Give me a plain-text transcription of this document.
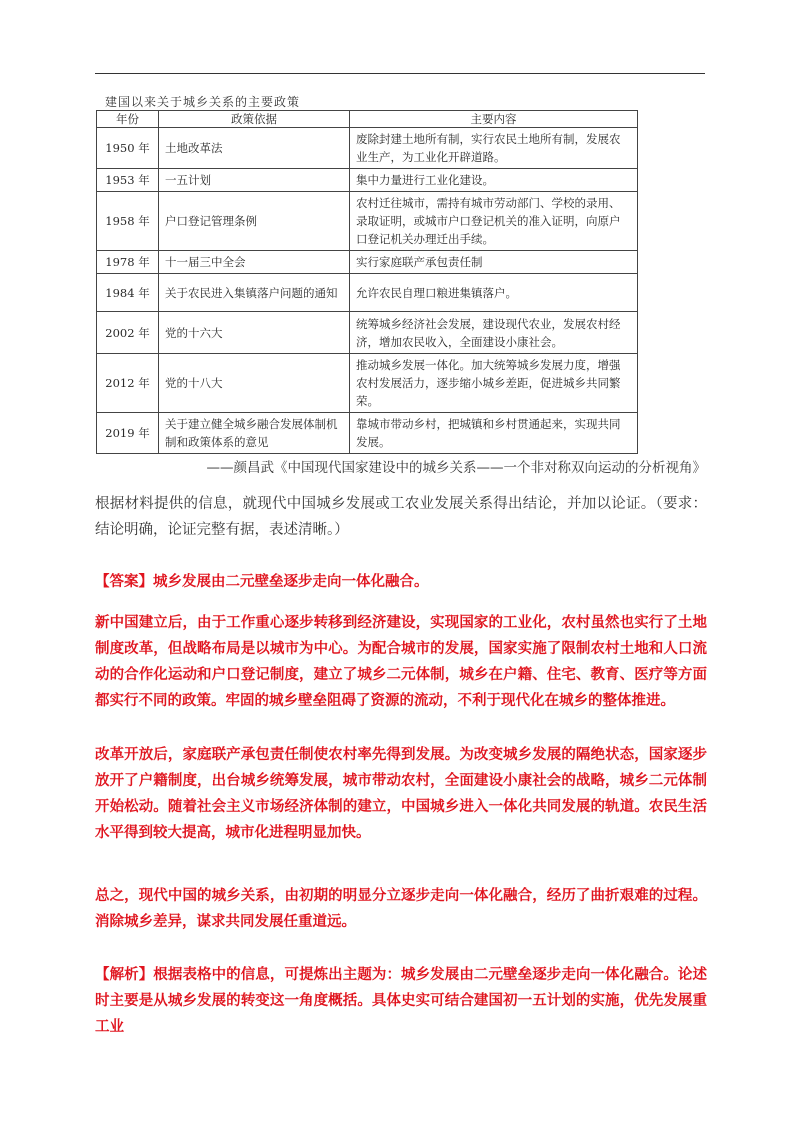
建国以来关于城乡关系的主要政策
年份	政策依据	主要内容
1950 年	土地改革法	废除封建土地所有制，实行农民土地所有制，发展农业生产，为工业化开辟道路。
1953 年	一五计划	集中力量进行工业化建设。
1958 年	户口登记管理条例	农村迁往城市，需持有城市劳动部门、学校的录用、录取证明，或城市户口登记机关的准入证明，向原户口登记机关办理迁出手续。
1978 年	十一届三中全会	实行家庭联产承包责任制
1984 年	关于农民进入集镇落户问题的通知	允许农民自理口粮进集镇落户。
2002 年	党的十六大	统筹城乡经济社会发展，建设现代农业，发展农村经济，增加农民收入，全面建设小康社会。
2012 年	党的十八大	推动城乡发展一体化。加大统筹城乡发展力度，增强农村发展活力，逐步缩小城乡差距，促进城乡共同繁荣。
2019 年	关于建立健全城乡融合发展体制机制和政策体系的意见	靠城市带动乡村，把城镇和乡村贯通起来，实现共同发展。
——颜昌武《中国现代国家建设中的城乡关系——一个非对称双向运动的分析视角》
根据材料提供的信息，就现代中国城乡发展或工农业发展关系得出结论，并加以论证。（要求：结论明确，论证完整有据，表述清晰。）
【答案】城乡发展由二元壁垒逐步走向一体化融合。
新中国建立后，由于工作重心逐步转移到经济建设，实现国家的工业化，农村虽然也实行了土地制度改革，但战略布局是以城市为中心。为配合城市的发展，国家实施了限制农村土地和人口流动的合作化运动和户口登记制度，建立了城乡二元体制，城乡在户籍、住宅、教育、医疗等方面都实行不同的政策。牢固的城乡壁垒阻碍了资源的流动，不利于现代化在城乡的整体推进。
改革开放后，家庭联产承包责任制使农村率先得到发展。为改变城乡发展的隔绝状态，国家逐步放开了户籍制度，出台城乡统筹发展，城市带动农村，全面建设小康社会的战略，城乡二元体制开始松动。随着社会主义市场经济体制的建立，中国城乡进入一体化共同发展的轨道。农民生活水平得到较大提高，城市化进程明显加快。
总之，现代中国的城乡关系，由初期的明显分立逐步走向一体化融合，经历了曲折艰难的过程。消除城乡差异，谋求共同发展任重道远。
【解析】根据表格中的信息，可提炼出主题为：城乡发展由二元壁垒逐步走向一体化融合。论述时主要是从城乡发展的转变这一角度概括。具体史实可结合建国初一五计划的实施，优先发展重工业
